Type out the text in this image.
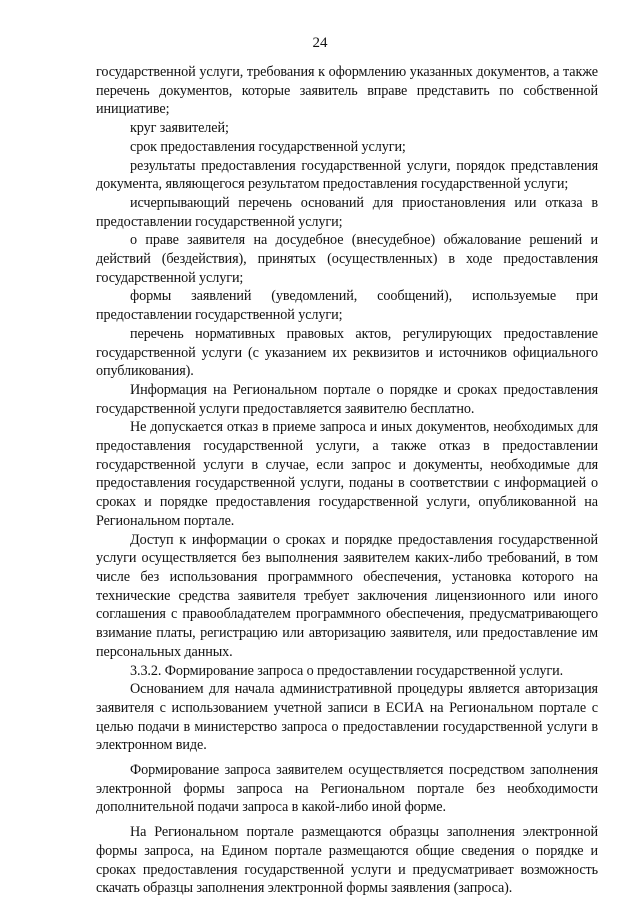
24

государственной услуги, требования к оформлению указанных документов, а также перечень документов, которые заявитель вправе представить по собственной инициативе;

круг заявителей;

срок предоставления государственной услуги;

результаты предоставления государственной услуги, порядок представления документа, являющегося результатом предоставления государственной услуги;

исчерпывающий перечень оснований для приостановления или отказа в предоставлении государственной услуги;

о праве заявителя на досудебное (внесудебное) обжалование решений и действий (бездействия), принятых (осуществленных) в ходе предоставления государственной услуги;

формы заявлений (уведомлений, сообщений), используемые при предоставлении государственной услуги;

перечень нормативных правовых актов, регулирующих предоставление государственной услуги (с указанием их реквизитов и источников официального опубликования).

Информация на Региональном портале о порядке и сроках предоставления государственной услуги предоставляется заявителю бесплатно.

Не допускается отказ в приеме запроса и иных документов, необходимых для предоставления государственной услуги, а также отказ в предоставлении государственной услуги в случае, если запрос и документы, необходимые для предоставления государственной услуги, поданы в соответствии с информацией о сроках и порядке предоставления государственной услуги, опубликованной на Региональном портале.

Доступ к информации о сроках и порядке предоставления государственной услуги осуществляется без выполнения заявителем каких-либо требований, в том числе без использования программного обеспечения, установка которого на технические средства заявителя требует заключения лицензионного или иного соглашения с правообладателем программного обеспечения, предусматривающего взимание платы, регистрацию или авторизацию заявителя, или предоставление им персональных данных.

3.3.2. Формирование запроса о предоставлении государственной услуги.

Основанием для начала административной процедуры является авторизация заявителя с использованием учетной записи в ЕСИА на Региональном портале с целью подачи в министерство запроса о предоставлении государственной услуги в электронном виде.

Формирование запроса заявителем осуществляется посредством заполнения электронной формы запроса на Региональном портале без необходимости дополнительной подачи запроса в какой-либо иной форме.

На Региональном портале размещаются образцы заполнения электронной формы запроса, на Едином портале размещаются общие сведения о порядке и сроках предоставления государственной услуги и предусматривает возможность скачать образцы заполнения электронной формы заявления (запроса).
